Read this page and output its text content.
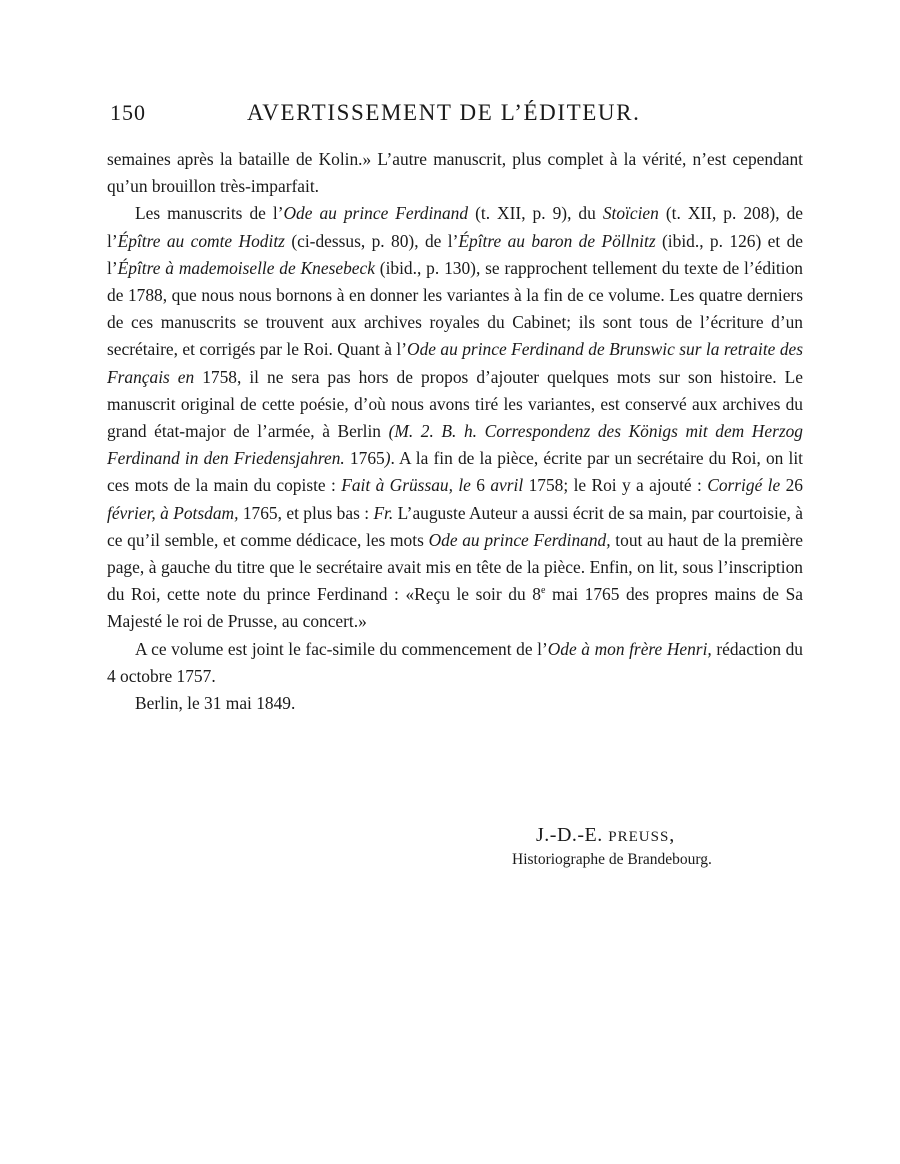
150	AVERTISSEMENT DE L’ÉDITEUR.

semaines après la bataille de Kolin.» L’autre manuscrit, plus complet à la vérité, n’est cependant qu’un brouillon très-imparfait.

Les manuscrits de l’Ode au prince Ferdinand (t. XII, p. 9), du Stoïcien (t. XII, p. 208), de l’Épître au comte Hoditz (ci-dessus, p. 80), de l’Épître au baron de Pöllnitz (ibid., p. 126) et de l’Épître à mademoiselle de Knesebeck (ibid., p. 130), se rapprochent tellement du texte de l’édition de 1788, que nous nous bornons à en donner les variantes à la fin de ce volume. Les quatre derniers de ces manuscrits se trouvent aux archives royales du Cabinet; ils sont tous de l’écriture d’un secrétaire, et corrigés par le Roi. Quant à l’Ode au prince Ferdinand de Brunswic sur la retraite des Français en 1758, il ne sera pas hors de propos d’ajouter quelques mots sur son histoire. Le manuscrit original de cette poésie, d’où nous avons tiré les variantes, est conservé aux archives du grand état-major de l’armée, à Berlin (M. 2. B. h. Correspondenz des Königs mit dem Herzog Ferdinand in den Friedensjahren. 1765). A la fin de la pièce, écrite par un secrétaire du Roi, on lit ces mots de la main du copiste : Fait à Grüssau, le 6 avril 1758; le Roi y a ajouté : Corrigé le 26 février, à Potsdam, 1765, et plus bas : Fr. L’auguste Auteur a aussi écrit de sa main, par courtoisie, à ce qu’il semble, et comme dédicace, les mots Ode au prince Ferdinand, tout au haut de la première page, à gauche du titre que le secrétaire avait mis en tête de la pièce. Enfin, on lit, sous l’inscription du Roi, cette note du prince Ferdinand : «Reçu le soir du 8e mai 1765 des propres mains de Sa Majesté le roi de Prusse, au concert.»

A ce volume est joint le fac-simile du commencement de l’Ode à mon frère Henri, rédaction du 4 octobre 1757.

Berlin, le 31 mai 1849.

J.-D.-E. PREUSS,

Historiographe de Brandebourg.
